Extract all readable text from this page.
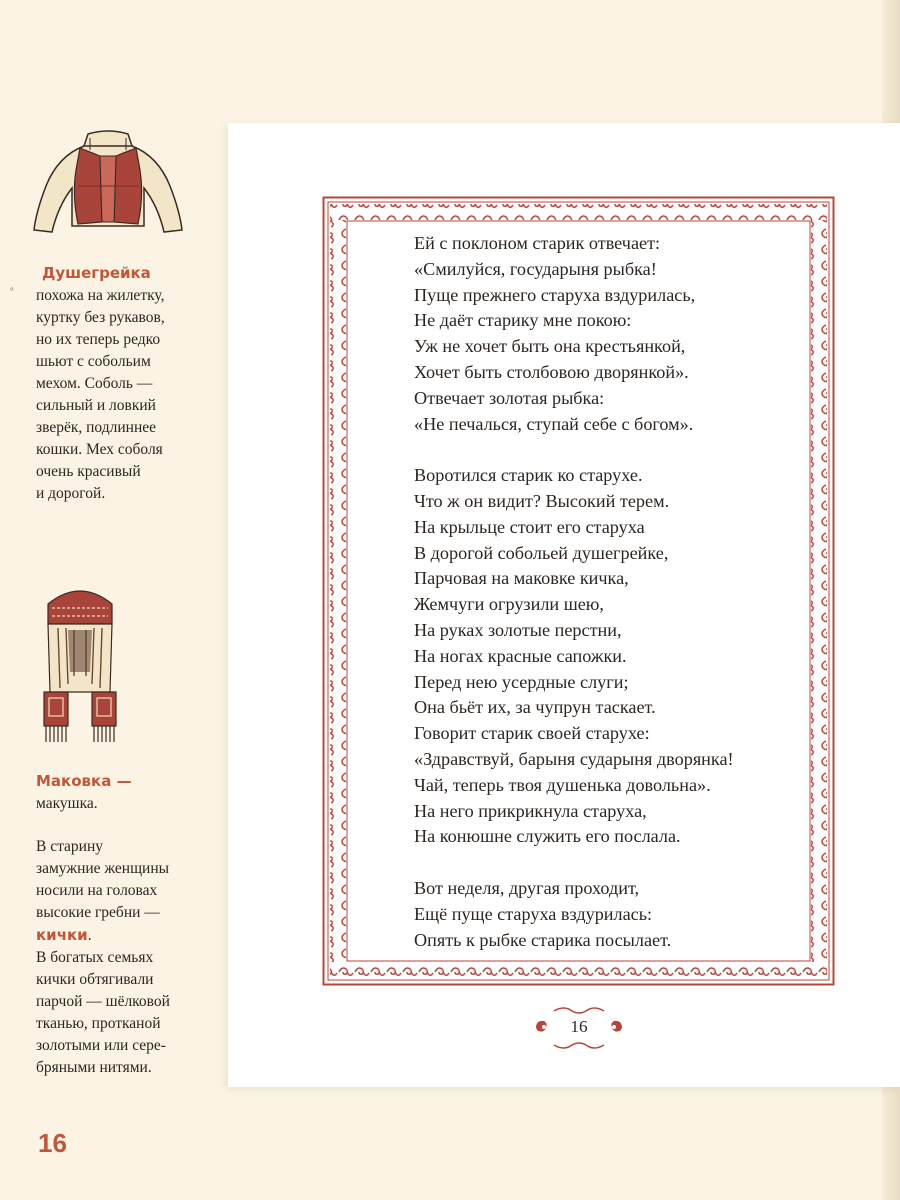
Душегрейка
похожа на жилетку,
куртку без рукавов,
но их теперь редко
шьют с собольим
мехом. Соболь —
сильный и ловкий
зверёк, подлиннее
кошки. Мех соболя
очень красивый
и дорогой.
°
Маковка —
макушка.
В старину
замужние женщины
носили на головах
высокие гребни —
кички.
В богатых семьях
кички обтягивали
парчой — шёлковой
тканью, протканой
золотыми или сере-
бряными нитями.
16
Ей с поклоном старик отвечает:
«Смилуйся, государыня рыбка!
Пуще прежнего старуха вздурилась,
Не даёт старику мне покою:
Уж не хочет быть она крестьянкой,
Хочет быть столбовою дворянкой».
Отвечает золотая рыбка:
«Не печалься, ступай себе с богом».
Воротился старик ко старухе.
Что ж он видит? Высокий терем.
На крыльце стоит его старуха
В дорогой собольей душегрейке,
Парчовая на маковке кичка,
Жемчуги огрузили шею,
На руках золотые перстни,
На ногах красные сапожки.
Перед нею усердные слуги;
Она бьёт их, за чупрун таскает.
Говорит старик своей старухе:
«Здравствуй, барыня сударыня дворянка!
Чай, теперь твоя душенька довольна».
На него прикрикнула старуха,
На конюшне служить его послала.
Вот неделя, другая проходит,
Ещё пуще старуха вздурилась:
Опять к рыбке старика посылает.
16
